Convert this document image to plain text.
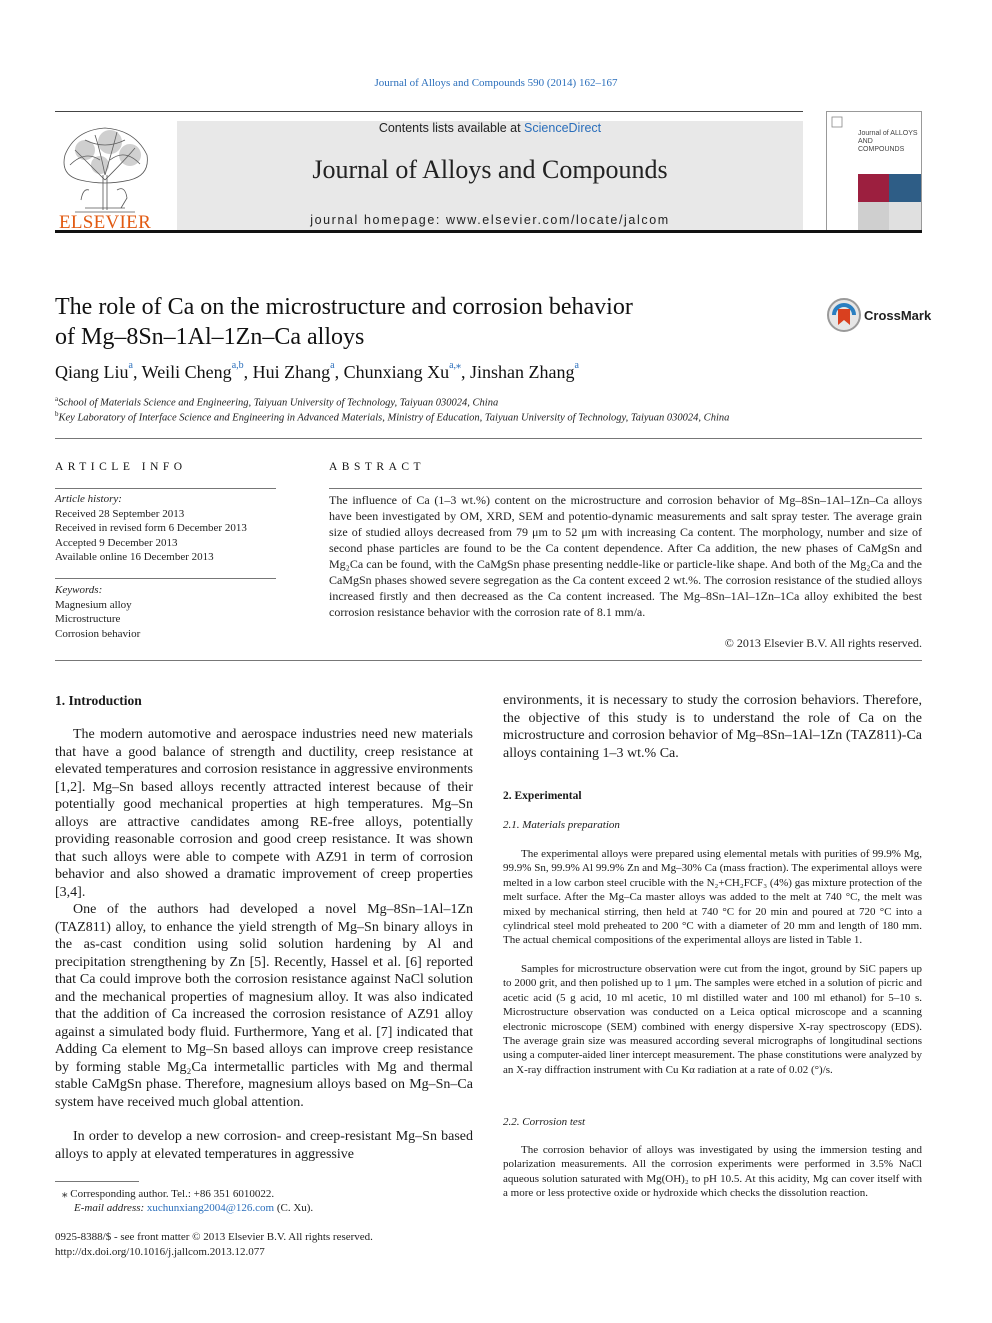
Journal of Alloys and Compounds 590 (2014) 162–167
ELSEVIER
Contents lists available at ScienceDirect
Journal of Alloys and Compounds
journal homepage: www.elsevier.com/locate/jalcom
Journal of ALLOYS AND COMPOUNDS
The role of Ca on the microstructure and corrosion behavior
of Mg–8Sn–1Al–1Zn–Ca alloys
CrossMark
Qiang Liu$^a$, Weili Cheng$^{a,b}$, Hui Zhang$^a$, Chunxiang $Xu^{a,⁎}$, Jinshan Zhang$^a$
$^a$School of Materials Science and Engineering, Taiyuan University of Technology, Taiyuan 030024, China
$^b$Key Laboratory of Interface Science and Engineering in Advanced Materials, Ministry of Education, Taiyuan University of Technology, Taiyuan 030024, China
ARTICLE INFO
Article history:
Received 28 September 2013
Received in revised form 6 December 2013
Accepted 9 December 2013
Available online 16 December 2013
Keywords:
Magnesium alloy
Microstructure
Corrosion behavior
ABSTRACT
The influence of Ca (1–3 wt.%) content on the microstructure and corrosion behavior of Mg–8Sn–1Al–1Zn–Ca alloys have been investigated by OM, XRD, SEM and potentio-dynamic measurements and salt spray tester. The average grain size of studied alloys decreased from 79 μm to 52 μm with increasing Ca content. The morphology, number and size of second phase particles are found to be the Ca content dependence. After Ca addition, the new phases of CaMgSn and Mg₂Ca can be found, with the CaMgSn phase presenting neddle-like or particle-like shape. And both of the Mg₂Ca and the CaMgSn phases showed severe segregation as the Ca content exceed 2 wt.%. The corrosion resistance of the studied alloys increased firstly and then decreased as the Ca content increased. The Mg–8Sn–1Al–1Zn–1Ca alloy exhibited the best corrosion resistance behavior with the corrosion rate of 8.1 mm/a.
© 2013 Elsevier B.V. All rights reserved.
1. Introduction
The modern automotive and aerospace industries need new materials that have a good balance of strength and ductility, creep resistance at elevated temperatures and corrosion resistance in aggressive environments [1,2]. Mg–Sn based alloys recently attracted interest because of their potentially good mechanical properties at high temperatures. Mg–Sn alloys are attractive candidates among RE-free alloys, potentially providing reasonable corrosion and good creep resistance. It was shown that such alloys were able to compete with AZ91 in term of corrosion behavior and also showed a dramatic improvement of creep properties [3,4].
One of the authors had developed a novel Mg–8Sn–1Al–1Zn (TAZ811) alloy, to enhance the yield strength of Mg–Sn binary alloys in the as-cast condition using solid solution hardening by Al and precipitation strengthening by Zn [5]. Recently, Hassel et al. [6] reported that Ca could improve both the corrosion resistance against NaCl solution and the mechanical properties of magnesium alloy. It was also indicated that the addition of Ca increased the corrosion resistance of AZ91 alloy against a simulated body fluid. Furthermore, Yang et al. [7] indicated that Adding Ca element to Mg–Sn based alloys can improve creep resistance by forming stable Mg₂Ca intermetallic particles with Mg and thermal stable CaMgSn phase. Therefore, magnesium alloys based on Mg–Sn–Ca system have received much global attention.
In order to develop a new corrosion- and creep-resistant Mg–Sn based alloys to apply at elevated temperatures in aggressive
⁎ Corresponding author. Tel.: +86 351 6010022.
E-mail address: xuchunxiang2004@126.com (C. Xu).
0925-8388/$ - see front matter © 2013 Elsevier B.V. All rights reserved.
http://dx.doi.org/10.1016/j.jallcom.2013.12.077
environments, it is necessary to study the corrosion behaviors. Therefore, the objective of this study is to understand the role of Ca on the microstructure and corrosion behavior of Mg–8Sn–1Al–1Zn (TAZ811)-Ca alloys containing 1–3 wt.% Ca.
2. Experimental
2.1. Materials preparation
The experimental alloys were prepared using elemental metals with purities of 99.9% Mg, 99.9% Sn, 99.9% Al 99.9% Zn and Mg–30% Ca (mass fraction). The experimental alloys were melted in a low carbon steel crucible with the N₂+CH₂FCF₃ (4%) gas mixture protection of the melt surface. After the Mg–Ca master alloys was added to the melt at 740 °C, the melt was mixed by mechanical stirring, then held at 740 °C for 20 min and poured at 720 °C into a cylindrical steel mold preheated to 200 °C with a diameter of 20 mm and length of 180 mm. The actual chemical compositions of the experimental alloys are listed in Table 1.
Samples for microstructure observation were cut from the ingot, ground by SiC papers up to 2000 grit, and then polished up to 1 μm. The samples were etched in a solution of picric and acetic acid (5 g acid, 10 ml acetic, 10 ml distilled water and 100 ml ethanol) for 5–10 s. Microstructure observation was conducted on a Leica optical microscope and a scanning electronic microscope (SEM) combined with energy dispersive X-ray spectroscopy (EDS). The average grain size was measured according several micrographs of longitudinal sections using a computer-aided liner intercept measurement. The phase constitutions were analyzed by an X-ray diffraction instrument with Cu Kα radiation at a rate of 0.02 (°)/s.
2.2. Corrosion test
The corrosion behavior of alloys was investigated by using the immersion testing and polarization measurements. All the corrosion experiments were performed in 3.5% NaCl aqueous solution saturated with Mg(OH)₂ to pH 10.5. At this acidity, Mg can cover itself with a more or less protective oxide or hydroxide which checks the dissolution reaction.
